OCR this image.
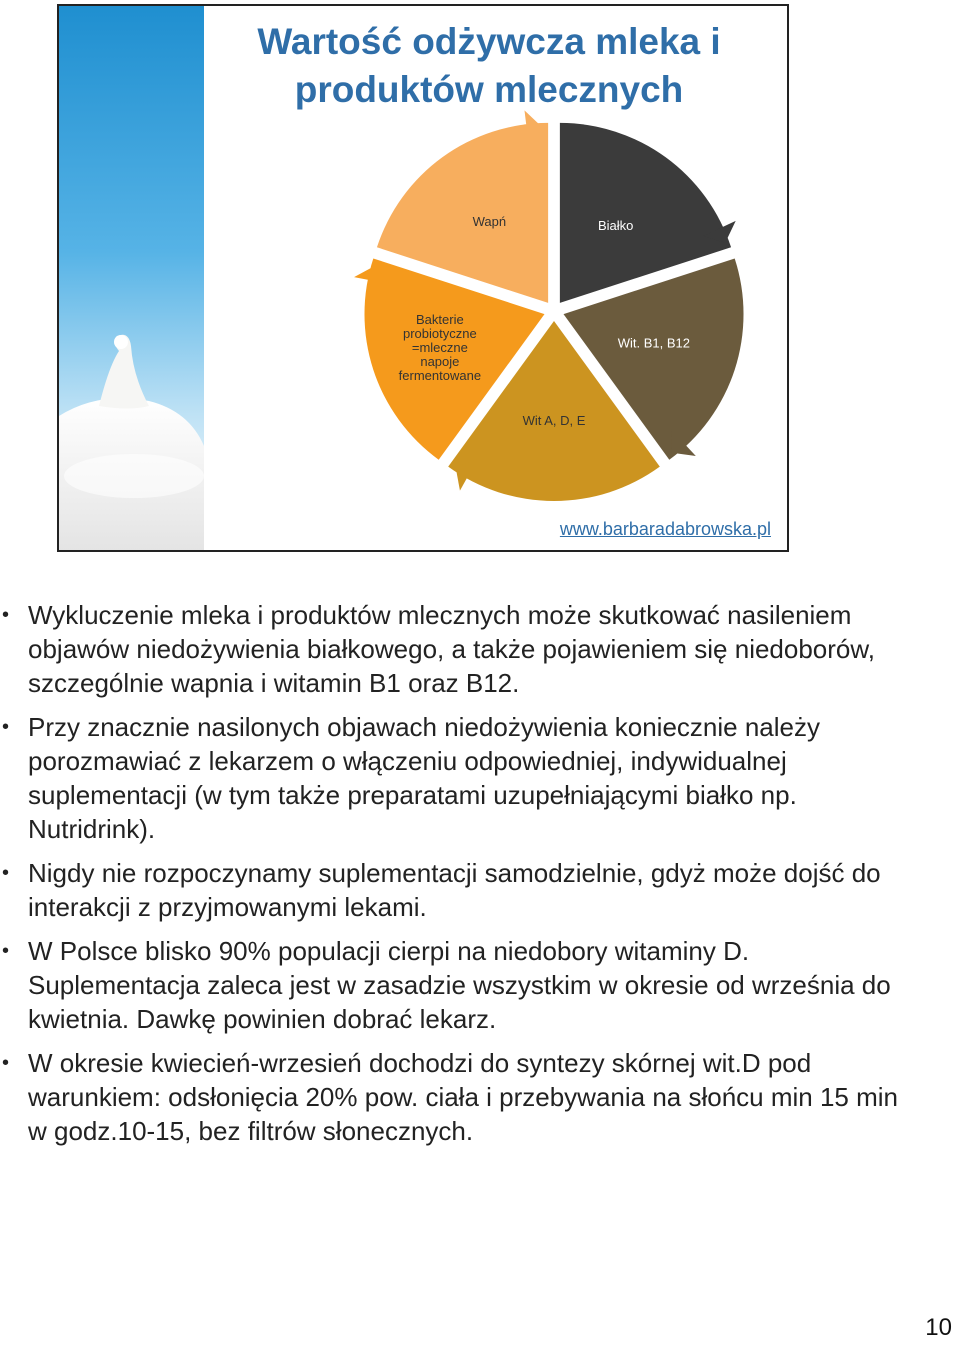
Wartość odżywcza mleka i
produktów mlecznych
Białko
Wit. B1, B12
Wit A, D, E
Bakterie probiotyczne =mleczne napoje fermentowane
Wapń
www.barbaradabrowska.pl
• Wykluczenie mleka i produktów mlecznych może skutkować nasileniem objawów niedożywienia białkowego, a także pojawieniem się niedoborów, szczególnie wapnia i witamin B1 oraz B12.
• Przy znacznie nasilonych objawach niedożywienia koniecznie należy porozmawiać z lekarzem o włączeniu odpowiedniej, indywidualnej suplementacji (w tym także preparatami uzupełniającymi białko np. Nutridrink).
• Nigdy nie rozpoczynamy suplementacji samodzielnie, gdyż może dojść do interakcji z przyjmowanymi lekami.
• W Polsce blisko 90% populacji cierpi na niedobory witaminy D. Suplementacja zaleca jest w zasadzie wszystkim w okresie od września do kwietnia. Dawkę powinien dobrać lekarz.
• W okresie kwiecień-wrzesień dochodzi do syntezy skórnej wit.D pod warunkiem: odsłonięcia 20% pow. ciała i przebywania na słońcu min 15 min w godz.10-15, bez filtrów słonecznych.
10
